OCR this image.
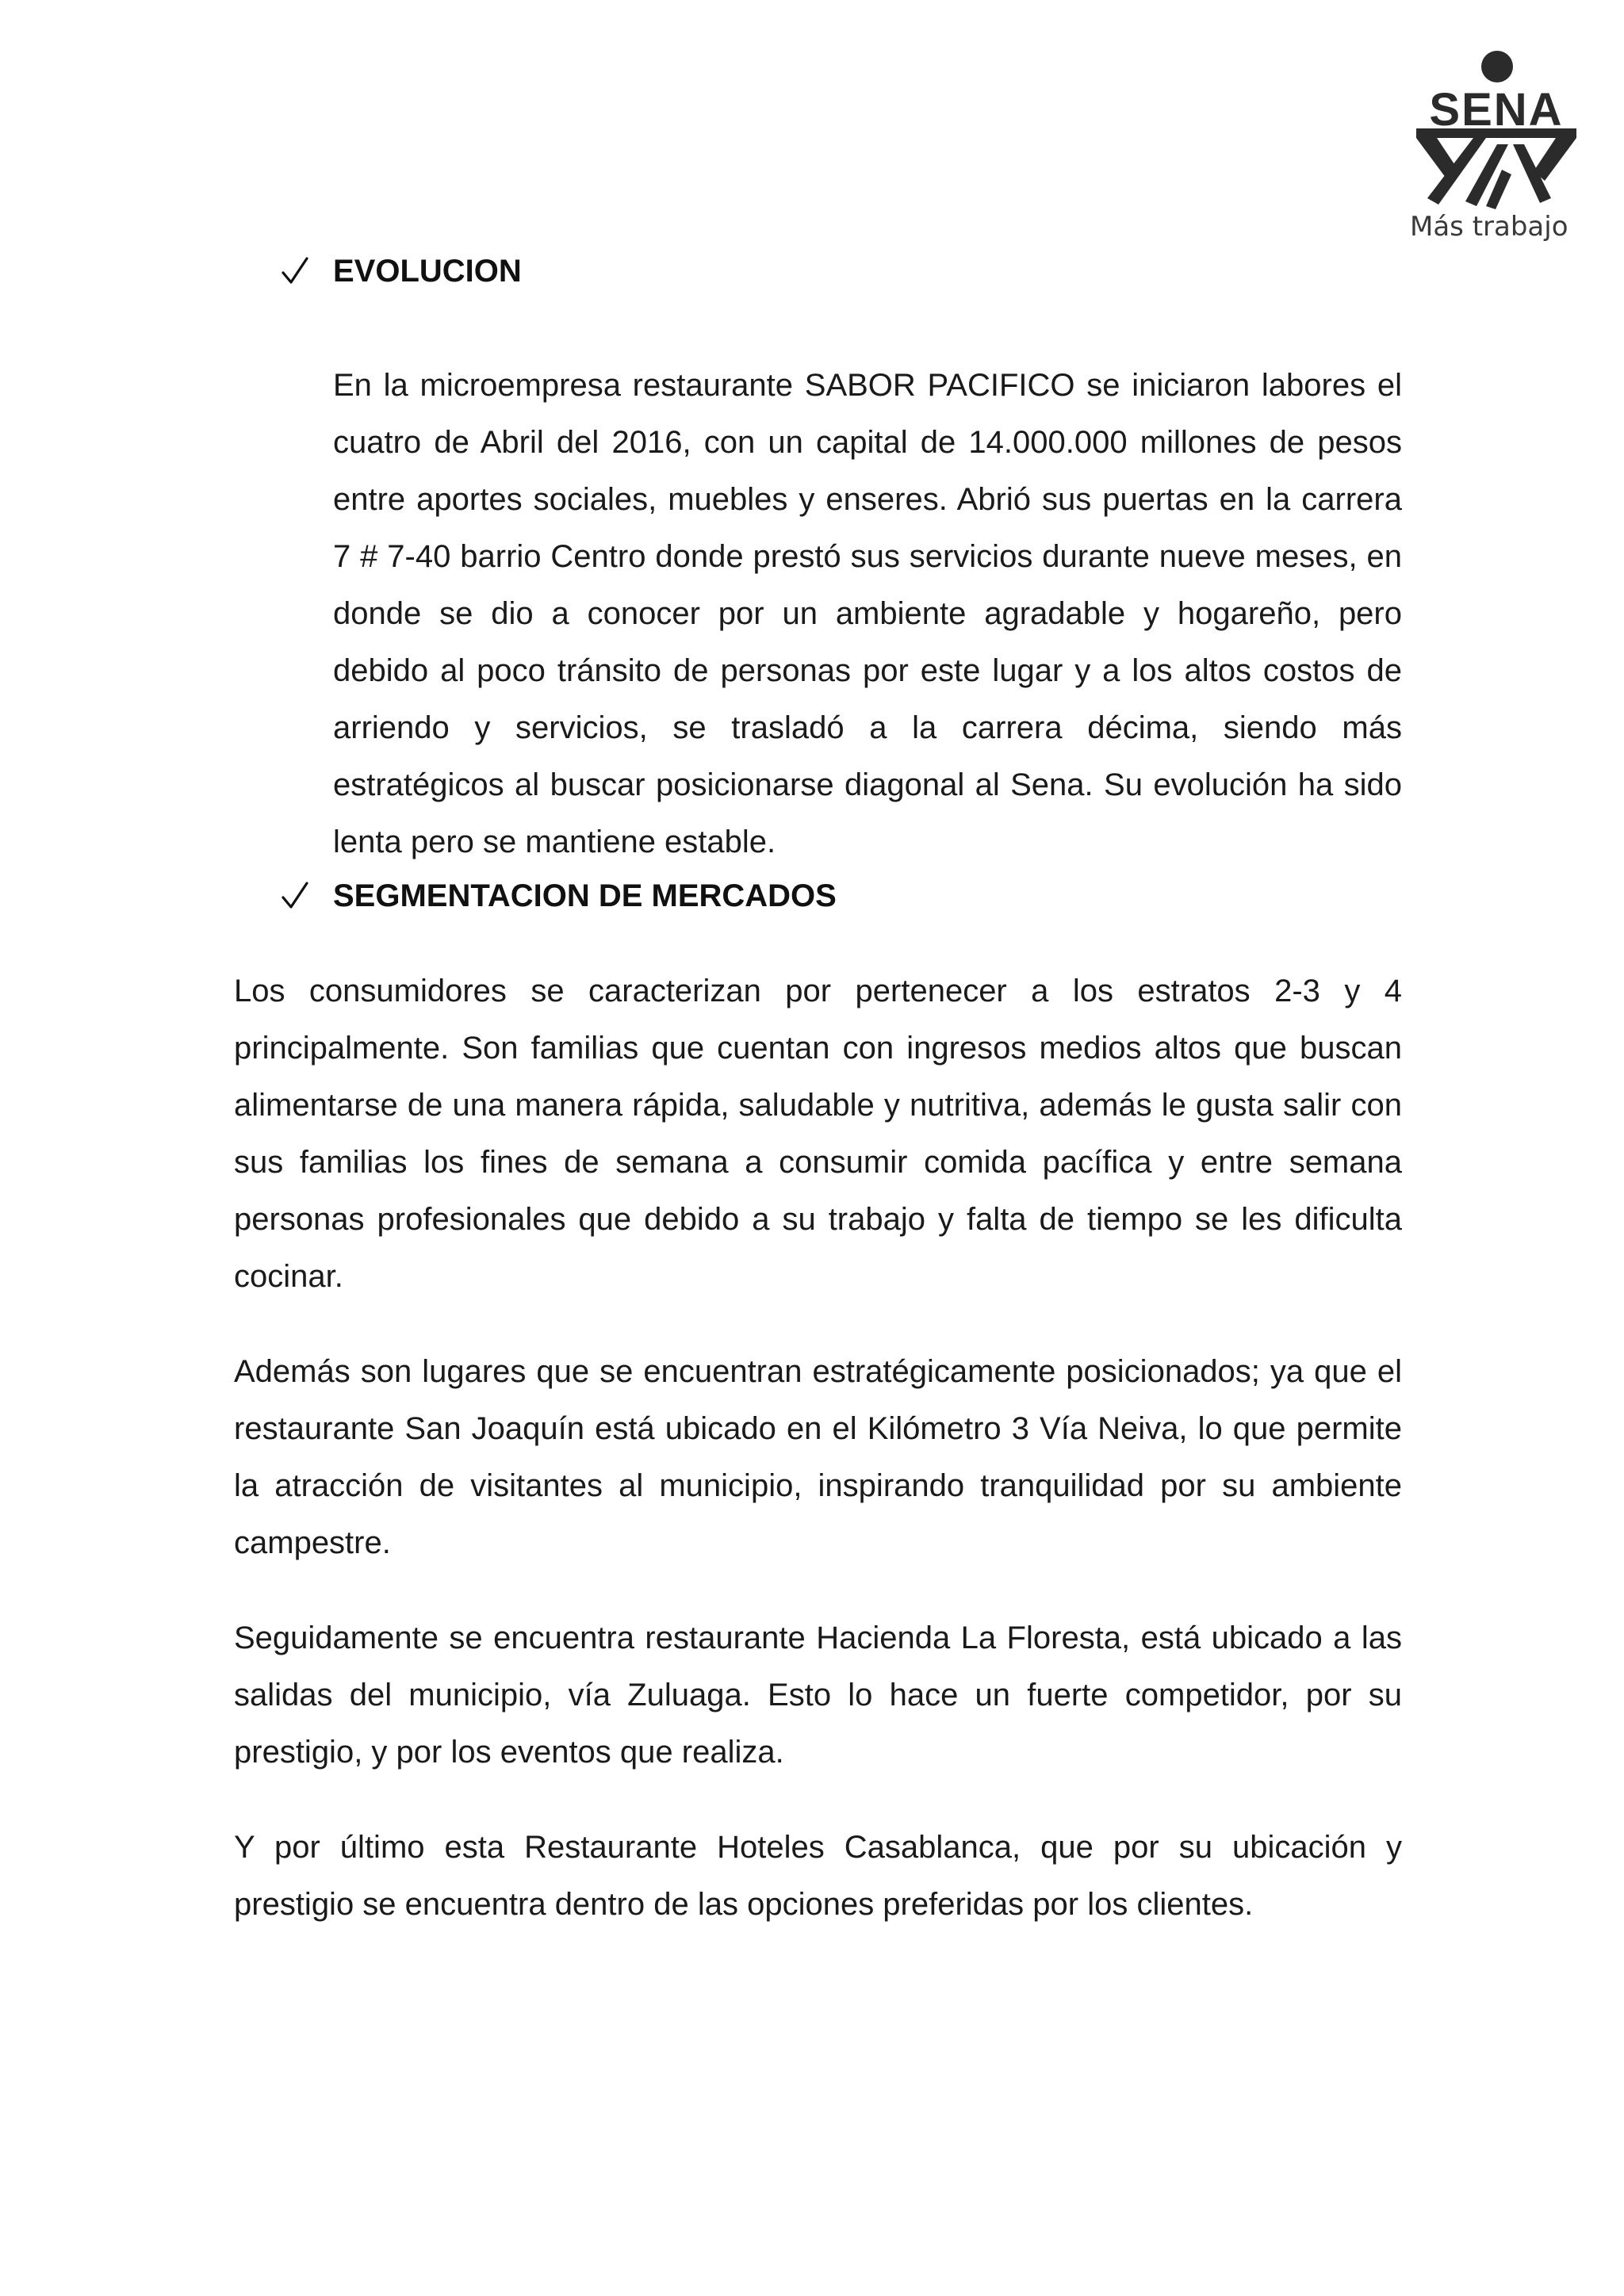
SENA
Más trabajo
EVOLUCION

En la microempresa restaurante SABOR PACIFICO se iniciaron labores el cuatro de Abril del 2016, con un capital de 14.000.000 millones de pesos entre aportes sociales, muebles y enseres. Abrió sus puertas en la carrera 7 # 7-40 barrio Centro donde prestó sus servicios durante nueve meses, en donde se dio a conocer por un ambiente agradable y hogareño, pero debido al poco tránsito de personas por este lugar y a los altos costos de arriendo y servicios, se trasladó a la carrera décima, siendo más estratégicos al buscar posicionarse diagonal al Sena. Su evolución ha sido lenta pero se mantiene estable.

SEGMENTACION DE MERCADOS

Los consumidores se caracterizan por pertenecer a los estratos 2-3 y 4 principalmente. Son familias que cuentan con ingresos medios altos que buscan alimentarse de una manera rápida, saludable y nutritiva, además le gusta salir con sus familias los fines de semana a consumir comida pacífica y entre semana personas profesionales que debido a su trabajo y falta de tiempo se les dificulta cocinar.

Además son lugares que se encuentran estratégicamente posicionados; ya que el restaurante San Joaquín está ubicado en el Kilómetro 3 Vía Neiva, lo que permite la atracción de visitantes al municipio, inspirando tranquilidad por su ambiente campestre.

Seguidamente se encuentra restaurante Hacienda La Floresta, está ubicado a las salidas del municipio, vía Zuluaga. Esto lo hace un fuerte competidor, por su prestigio, y por los eventos que realiza.

Y por último esta Restaurante Hoteles Casablanca, que por su ubicación y prestigio se encuentra dentro de las opciones preferidas por los clientes.
